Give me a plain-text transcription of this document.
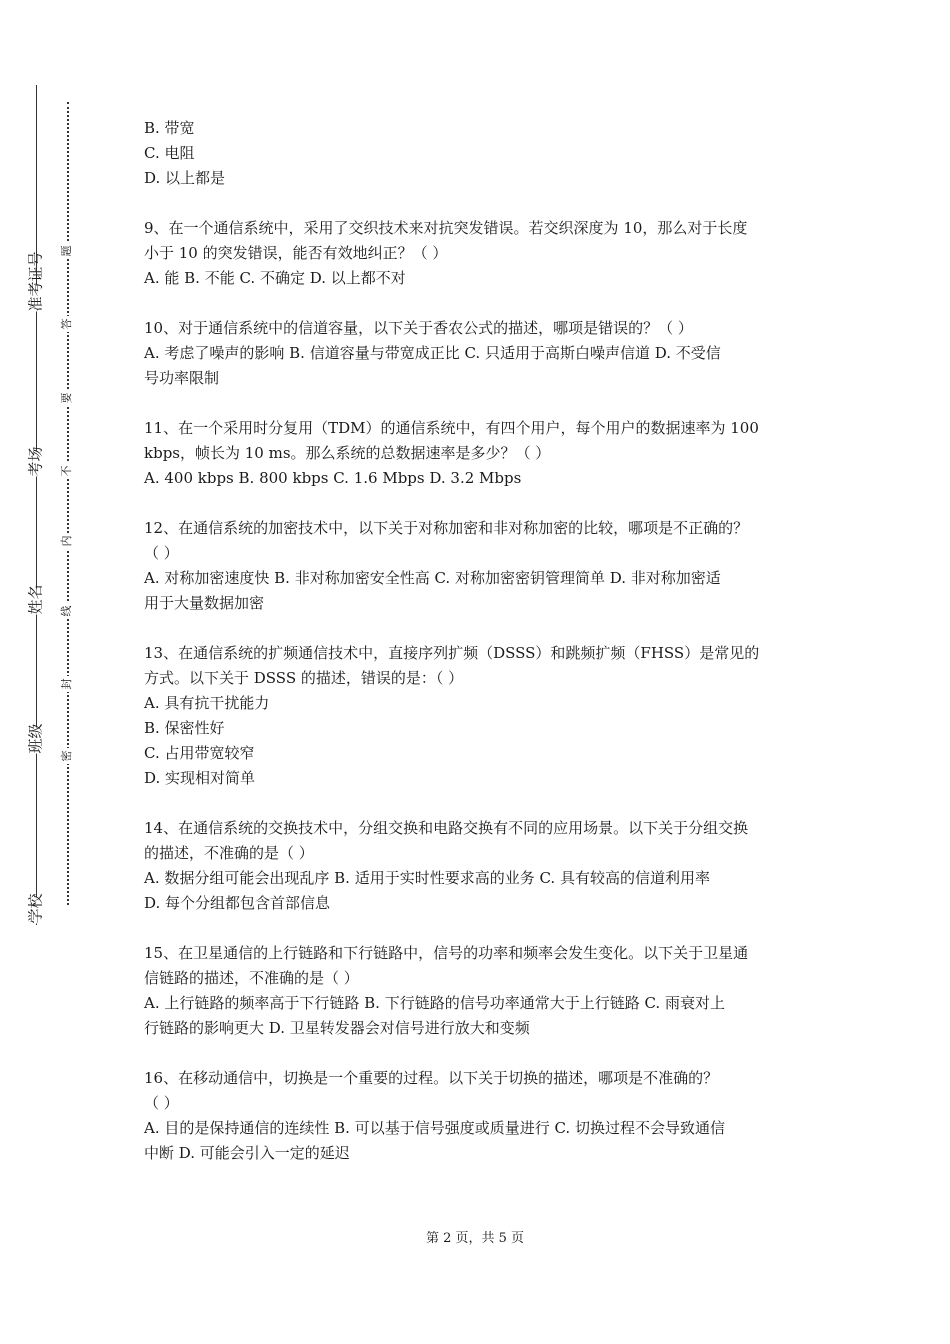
准考证号
考场
姓名
班级
学校
题
答
要
不
内
线
封
密

B. 带宽

C. 电阻

D. 以上都是

9、在一个通信系统中，采用了交织技术来对抗突发错误。若交织深度为 10，那么对于长度

小于 10 的突发错误，能否有效地纠正？（ ）

A. 能 B. 不能 C. 不确定 D. 以上都不对

10、对于通信系统中的信道容量，以下关于香农公式的描述，哪项是错误的？（ ）

A. 考虑了噪声的影响 B. 信道容量与带宽成正比 C. 只适用于高斯白噪声信道 D. 不受信

号功率限制

11、在一个采用时分复用（TDM）的通信系统中，有四个用户，每个用户的数据速率为 100

kbps，帧长为 10 ms。那么系统的总数据速率是多少？（ ）

A. 400 kbps B. 800 kbps C. 1.6 Mbps D. 3.2 Mbps

12、在通信系统的加密技术中，以下关于对称加密和非对称加密的比较，哪项是不正确的？

（ ）

A. 对称加密速度快 B. 非对称加密安全性高 C. 对称加密密钥管理简单 D. 非对称加密适

用于大量数据加密

13、在通信系统的扩频通信技术中，直接序列扩频（DSSS）和跳频扩频（FHSS）是常见的

方式。以下关于 DSSS 的描述，错误的是：（ ）

A. 具有抗干扰能力

B. 保密性好

C. 占用带宽较窄

D. 实现相对简单

14、在通信系统的交换技术中，分组交换和电路交换有不同的应用场景。以下关于分组交换

的描述，不准确的是（ ）

A. 数据分组可能会出现乱序 B. 适用于实时性要求高的业务 C. 具有较高的信道利用率

D. 每个分组都包含首部信息

15、在卫星通信的上行链路和下行链路中，信号的功率和频率会发生变化。以下关于卫星通

信链路的描述，不准确的是（ ）

A. 上行链路的频率高于下行链路 B. 下行链路的信号功率通常大于上行链路 C. 雨衰对上

行链路的影响更大 D. 卫星转发器会对信号进行放大和变频

16、在移动通信中，切换是一个重要的过程。以下关于切换的描述，哪项是不准确的？

（ ）

A. 目的是保持通信的连续性 B. 可以基于信号强度或质量进行 C. 切换过程不会导致通信

中断 D. 可能会引入一定的延迟

第 2 页，共 5 页
